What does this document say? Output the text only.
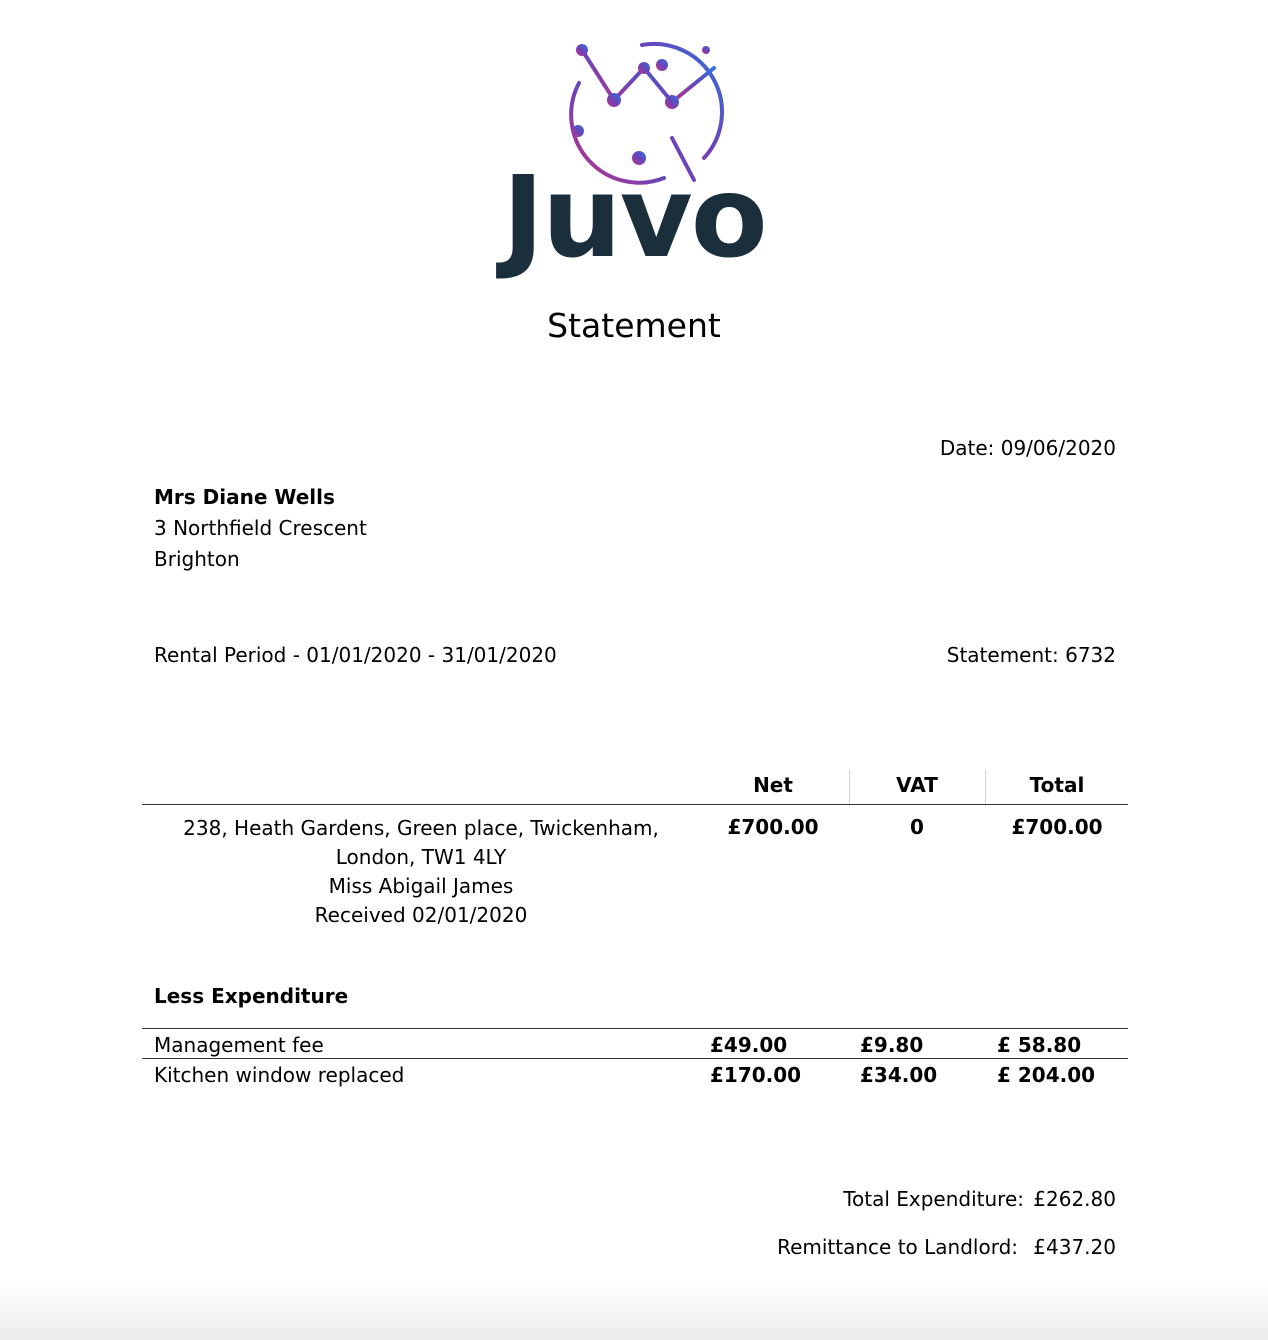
Juvo
Statement
Date: 09/06/2020
Mrs Diane Wells
3 Northfield Crescent
Brighton
Rental Period - 01/01/2020 - 31/01/2020	Statement: 6732
Net	VAT	Total
238, Heath Gardens, Green place, Twickenham,
London, TW1 4LY
Miss Abigail James
Received 02/01/2020
£700.00	0	£700.00
Less Expenditure
Management fee	£49.00	£9.80	£ 58.80
Kitchen window replaced	£170.00	£34.00	£ 204.00
Total Expenditure: £262.80
Remittance to Landlord: £437.20
